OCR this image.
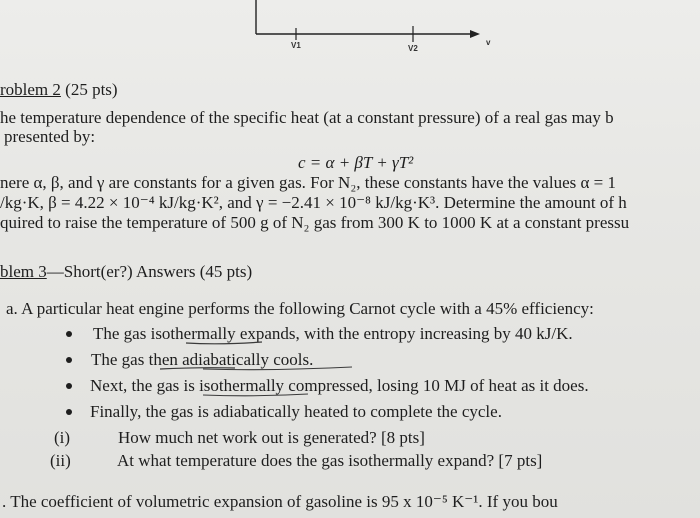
V1	V2
v
roblem 2 (25 pts)
he temperature dependence of the specific heat (at a constant pressure) of a real gas may b
presented by:
c = α + βT + γT²
nere α, β, and γ are constants for a given gas. For N₂, these constants have the values α = 1
/kg·K, β = 4.22 × 10⁻⁴ kJ/kg·K², and γ = −2.41 × 10⁻⁸ kJ/kg·K³. Determine the amount of h
quired to raise the temperature of 500 g of N₂ gas from 300 K to 1000 K at a constant pressu
blem 3—Short(er?) Answers (45 pts)
a. A particular heat engine performs the following Carnot cycle with a 45% efficiency:
The gas isothermally expands, with the entropy increasing by 40 kJ/K.
The gas then adiabatically cools.
Next, the gas is isothermally compressed, losing 10 MJ of heat as it does.
Finally, the gas is adiabatically heated to complete the cycle.
(i)	How much net work out is generated? [8 pts]
(ii)	At what temperature does the gas isothermally expand? [7 pts]
. The coefficient of volumetric expansion of gasoline is 95 x 10⁻⁵ K⁻¹. If you bou
